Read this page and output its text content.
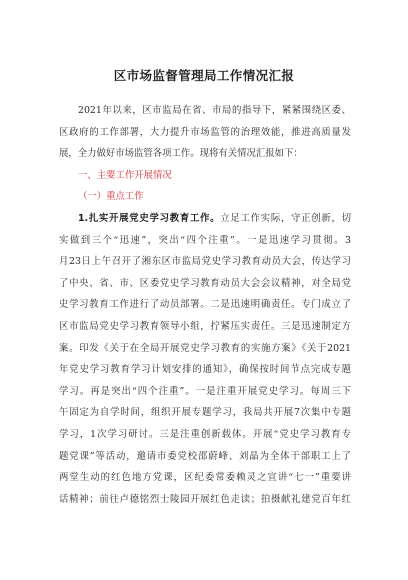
区市场监督管理局工作情况汇报
2021年以来，区市监局在省、市局的指导下，紧紧围绕区委、
区政府的工作部署，大力提升市场监管的治理效能，推进高质量发
展，全力做好市场监管各项工作。现将有关情况汇报如下：
一、主要工作开展情况
（一）重点工作
1.扎实开展党史学习教育工作。立足工作实际，守正创新，切
实做到三个“迅速”，突出“四个注重”。一是迅速学习贯彻。3
月23日上午召开了湘东区市监局党史学习教育动员大会，传达学习
了中央、省、市、区委党史学习教育动员大会会议精神，对全局党
史学习教育工作进行了动员部署。二是迅速明确责任。专门成立了
区市监局党史学习教育领导小组，拧紧压实责任。三是迅速制定方
案。印发《关于在全局开展党史学习教育的实施方案》《关于2021
年党史学习教育学习计划安排的通知》，确保按时间节点完成专题
学习。再是突出“四个注重”。一是注重开展党史学习。每周三下
午固定为自学时间，组织开展专题学习，我局共开展7次集中专题
学习，1次学习研讨。三是注重创新载体。开展“党史学习教育专
题党课”等活动，邀请市委党校邵蔚峰、刘晶为全体干部职工上了
两堂生动的红色地方党课，区纪委常委赖灵之宣讲“七一”重要讲
话精神；前往卢德铭烈士陵园开展红色走读；拍摄献礼建党百年红
